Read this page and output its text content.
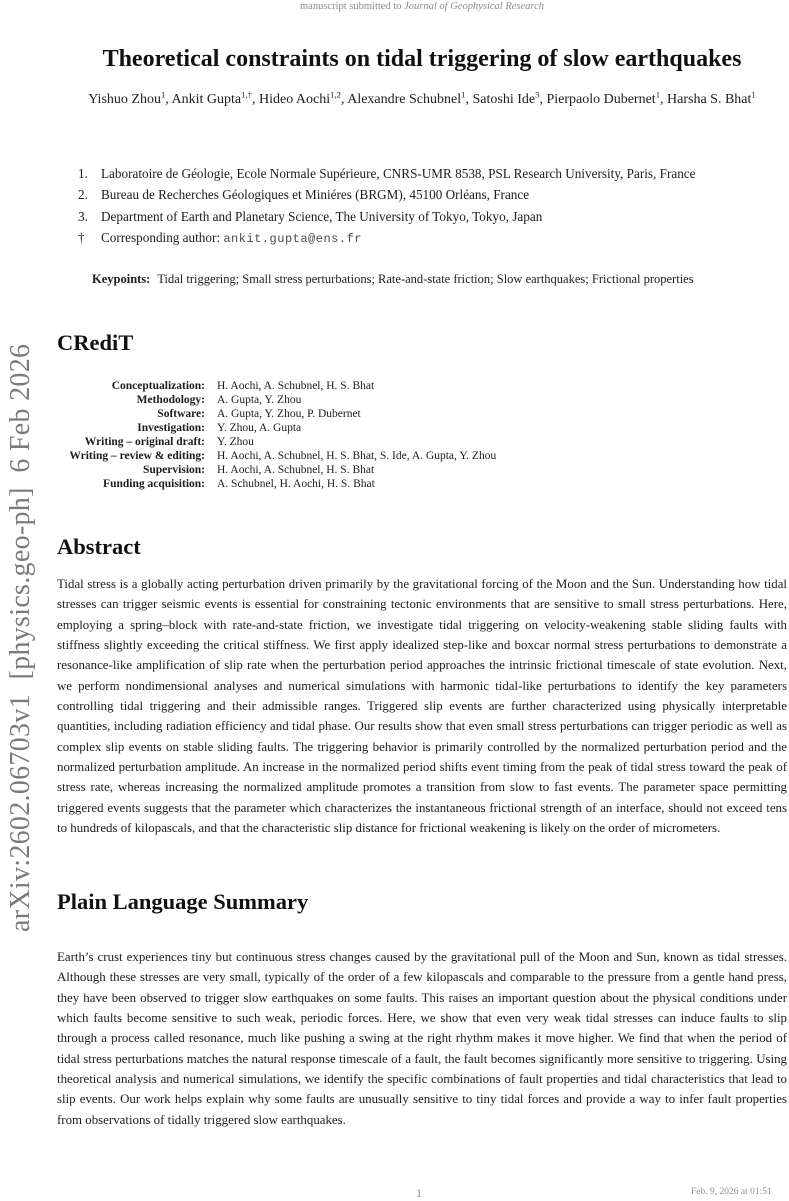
manuscript submitted to Journal of Geophysical Research
arXiv:2602.06703v1  [physics.geo-ph]  6 Feb 2026
Theoretical constraints on tidal triggering of slow earthquakes
Yishuo Zhou$^1$, Ankit Gupta$^{1,\dagger}$, Hideo Aochi$^{1,2}$, Alexandre Schubnel$^1$, Satoshi Ide$^3$, Pierpaolo Dubernet$^1$, Harsha S. Bhat$^1$
1. Laboratoire de Géologie, Ecole Normale Supérieure, CNRS-UMR 8538, PSL Research University, Paris, France
2. Bureau de Recherches Géologiques et Miniéres (BRGM), 45100 Orléans, France
3. Department of Earth and Planetary Science, The University of Tokyo, Tokyo, Japan
†	Corresponding author: ankit.gupta@ens.fr
Keypoints: Tidal triggering; Small stress perturbations; Rate-and-state friction; Slow earthquakes; Frictional properties
CRediT
Conceptualization:	H. Aochi, A. Schubnel, H. S. Bhat
Methodology:	A. Gupta, Y. Zhou
Software:	A. Gupta, Y. Zhou, P. Dubernet
Investigation:	Y. Zhou, A. Gupta
Writing – original draft:	Y. Zhou
Writing – review & editing:	H. Aochi, A. Schubnel, H. S. Bhat, S. Ide, A. Gupta, Y. Zhou
Supervision:	H. Aochi, A. Schubnel, H. S. Bhat
Funding acquisition:	A. Schubnel, H. Aochi, H. S. Bhat
Abstract
Tidal stress is a globally acting perturbation driven primarily by the gravitational forcing of the Moon and the Sun. Understanding how tidal stresses can trigger seismic events is essential for constraining tectonic environments that are sensitive to small stress perturbations. Here, employing a spring–block with rate-and-state friction, we investigate tidal triggering on velocity-weakening stable sliding faults with stiffness slightly exceeding the critical stiffness. We first apply idealized step-like and boxcar normal stress perturbations to demonstrate a resonance-like amplification of slip rate when the perturbation period approaches the intrinsic frictional timescale of state evolution. Next, we perform nondimensional analyses and numerical simulations with harmonic tidal-like perturbations to identify the key parameters controlling tidal triggering and their admissible ranges. Triggered slip events are further characterized using physically interpretable quantities, including radiation efficiency and tidal phase. Our results show that even small stress perturbations can trigger periodic as well as complex slip events on stable sliding faults. The triggering behavior is primarily controlled by the normalized perturbation period and the normalized perturbation amplitude. An increase in the normalized period shifts event timing from the peak of tidal stress toward the peak of stress rate, whereas increasing the normalized amplitude promotes a transition from slow to fast events. The parameter space permitting triggered events suggests that the parameter which characterizes the instantaneous frictional strength of an interface, should not exceed tens to hundreds of kilopascals, and that the characteristic slip distance for frictional weakening is likely on the order of micrometers.
Plain Language Summary
Earth’s crust experiences tiny but continuous stress changes caused by the gravitational pull of the Moon and Sun, known as tidal stresses. Although these stresses are very small, typically of the order of a few kilopascals and comparable to the pressure from a gentle hand press, they have been observed to trigger slow earthquakes on some faults. This raises an important question about the physical conditions under which faults become sensitive to such weak, periodic forces. Here, we show that even very weak tidal stresses can induce faults to slip through a process called resonance, much like pushing a swing at the right rhythm makes it move higher. We find that when the period of tidal stress perturbations matches the natural response timescale of a fault, the fault becomes significantly more sensitive to triggering. Using theoretical analysis and numerical simulations, we identify the specific combinations of fault properties and tidal characteristics that lead to slip events. Our work helps explain why some faults are unusually sensitive to tiny tidal forces and provide a way to infer fault properties from observations of tidally triggered slow earthquakes.
1	Feb. 9, 2026 at 01:51
